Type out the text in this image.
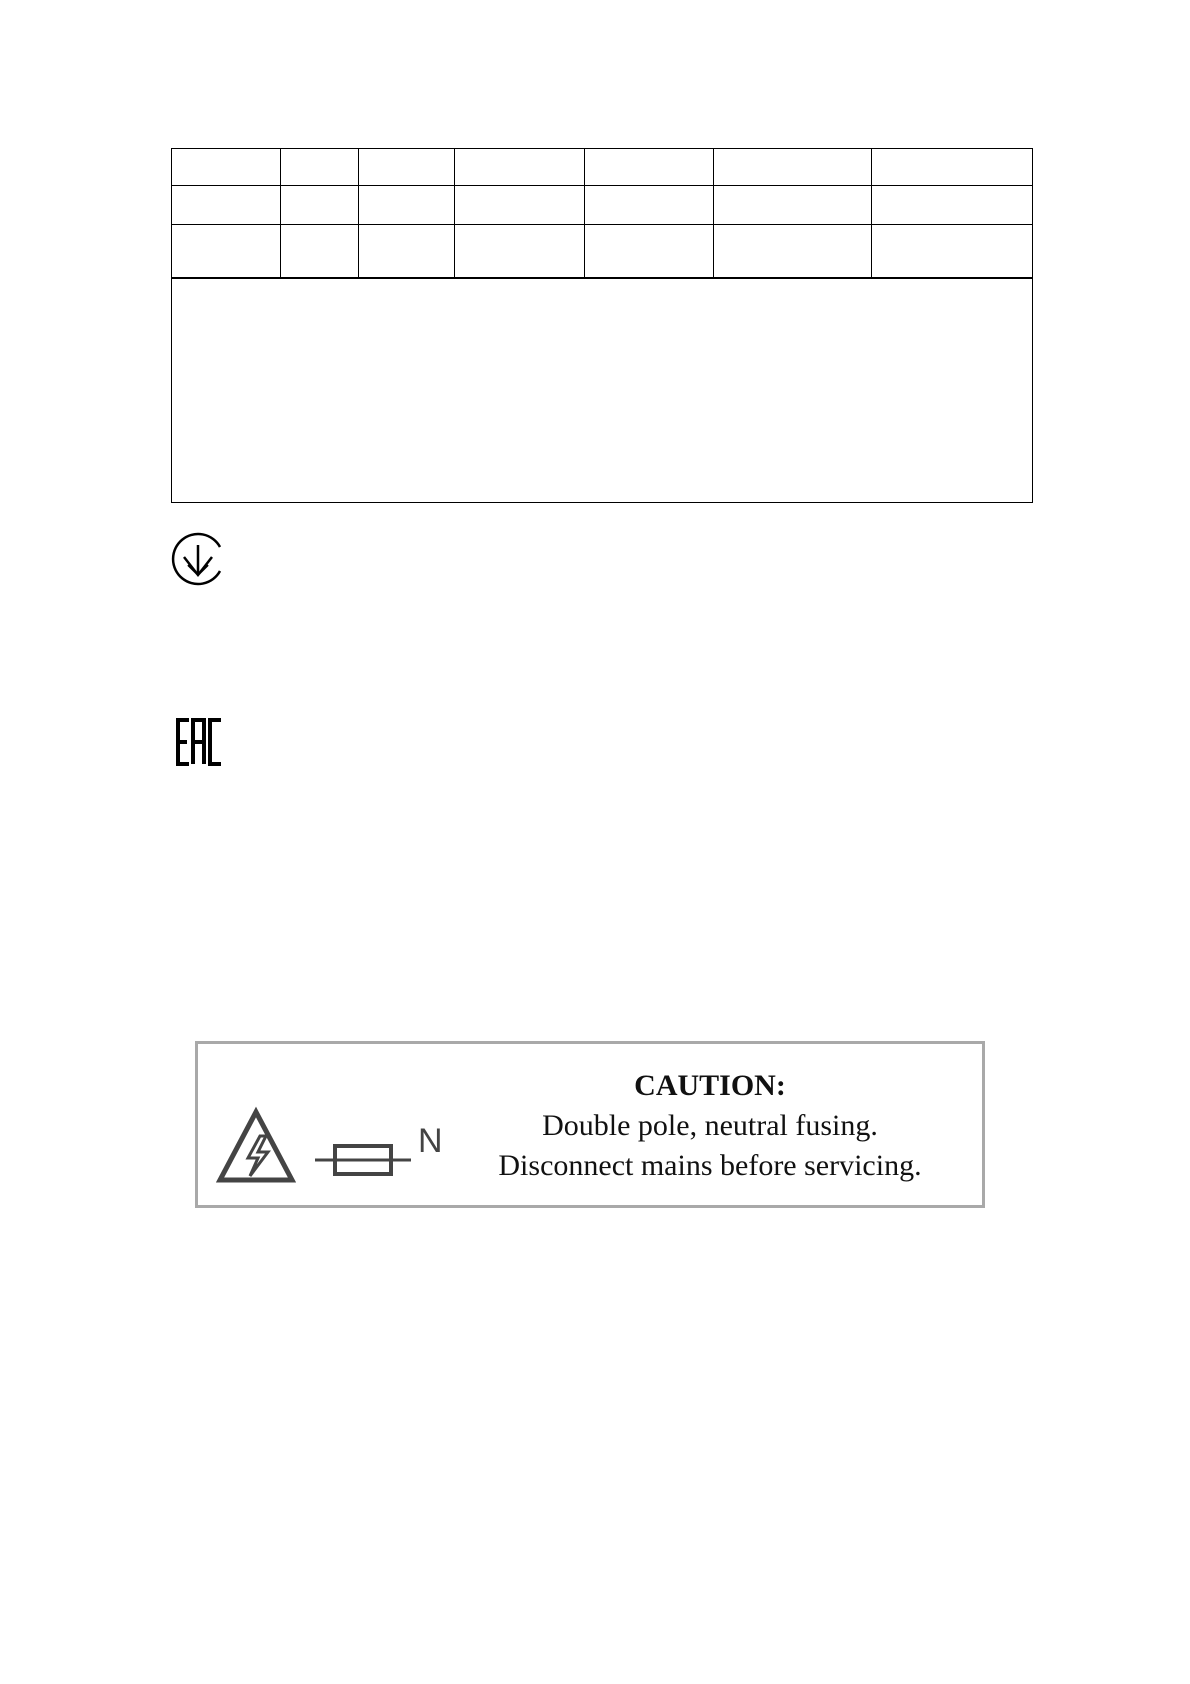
N
CAUTION:
Double pole, neutral fusing.
Disconnect mains before servicing.
